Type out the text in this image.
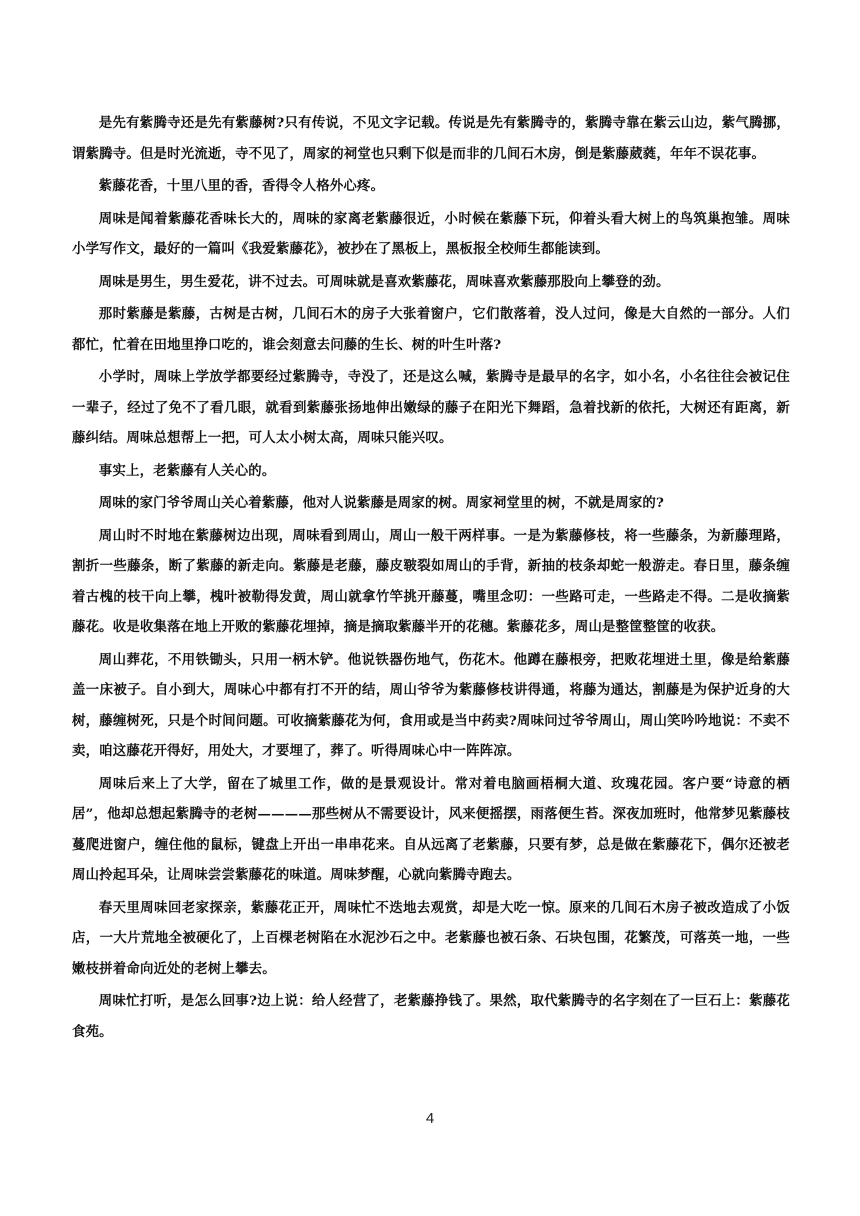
是先有紫腾寺还是先有紫藤树?只有传说，不见文字记载。传说是先有紫腾寺的，紫腾寺靠在紫云山边，紫气腾挪，谓紫腾寺。但是时光流逝，寺不见了，周家的祠堂也只剩下似是而非的几间石木房，倒是紫藤葳蕤，年年不误花事。

紫藤花香，十里八里的香，香得令人格外心疼。

周味是闻着紫藤花香味长大的，周味的家离老紫藤很近，小时候在紫藤下玩，仰着头看大树上的鸟筑巢抱雏。周味小学写作文，最好的一篇叫《我爱紫藤花》，被抄在了黑板上，黑板报全校师生都能读到。

周味是男生，男生爱花，讲不过去。可周味就是喜欢紫藤花，周味喜欢紫藤那股向上攀登的劲。

那时紫藤是紫藤，古树是古树，几间石木的房子大张着窗户，它们散落着，没人过问，像是大自然的一部分。人们都忙，忙着在田地里挣口吃的，谁会刻意去问藤的生长、树的叶生叶落?

小学时，周味上学放学都要经过紫腾寺，寺没了，还是这么喊，紫腾寺是最早的名字，如小名，小名往往会被记住一辈子，经过了免不了看几眼，就看到紫藤张扬地伸出嫩绿的藤子在阳光下舞蹈，急着找新的依托，大树还有距离，新藤纠结。周味总想帮上一把，可人太小树太高，周味只能兴叹。

事实上，老紫藤有人关心的。

周味的家门爷爷周山关心着紫藤，他对人说紫藤是周家的树。周家祠堂里的树，不就是周家的?

周山时不时地在紫藤树边出现，周味看到周山，周山一般干两样事。一是为紫藤修枝，将一些藤条，为新藤理路，割折一些藤条，断了紫藤的新走向。紫藤是老藤，藤皮皲裂如周山的手背，新抽的枝条却蛇一般游走。春日里，藤条缠着古槐的枝干向上攀，槐叶被勒得发黄，周山就拿竹竿挑开藤蔓，嘴里念叨：一些路可走，一些路走不得。二是收摘紫藤花。收是收集落在地上开败的紫藤花埋掉，摘是摘取紫藤半开的花穗。紫藤花多，周山是整筐整筐的收获。

周山葬花，不用铁锄头，只用一柄木铲。他说铁器伤地气，伤花木。他蹲在藤根旁，把败花埋进土里，像是给紫藤盖一床被子。自小到大，周味心中都有打不开的结，周山爷爷为紫藤修枝讲得通，将藤为通达，割藤是为保护近身的大树，藤缠树死，只是个时间问题。可收摘紫藤花为何，食用或是当中药卖?周味问过爷爷周山，周山笑吟吟地说：不卖不卖，咱这藤花开得好，用处大，才要埋了，葬了。听得周味心中一阵阵凉。

周味后来上了大学，留在了城里工作，做的是景观设计。常对着电脑画梧桐大道、玫瑰花园。客户要“诗意的栖居”，他却总想起紫腾寺的老树————那些树从不需要设计，风来便摇摆，雨落便生苔。深夜加班时，他常梦见紫藤枝蔓爬进窗户，缠住他的鼠标，键盘上开出一串串花来。自从远离了老紫藤，只要有梦，总是做在紫藤花下，偶尔还被老周山拎起耳朵，让周味尝尝紫藤花的味道。周味梦醒，心就向紫腾寺跑去。

春天里周味回老家探亲，紫藤花正开，周味忙不迭地去观赏，却是大吃一惊。原来的几间石木房子被改造成了小饭店，一大片荒地全被硬化了，上百棵老树陷在水泥沙石之中。老紫藤也被石条、石块包围，花繁茂，可落英一地，一些嫩枝拼着命向近处的老树上攀去。

周味忙打听，是怎么回事?边上说：给人经营了，老紫藤挣钱了。果然，取代紫腾寺的名字刻在了一巨石上：紫藤花食苑。

4
